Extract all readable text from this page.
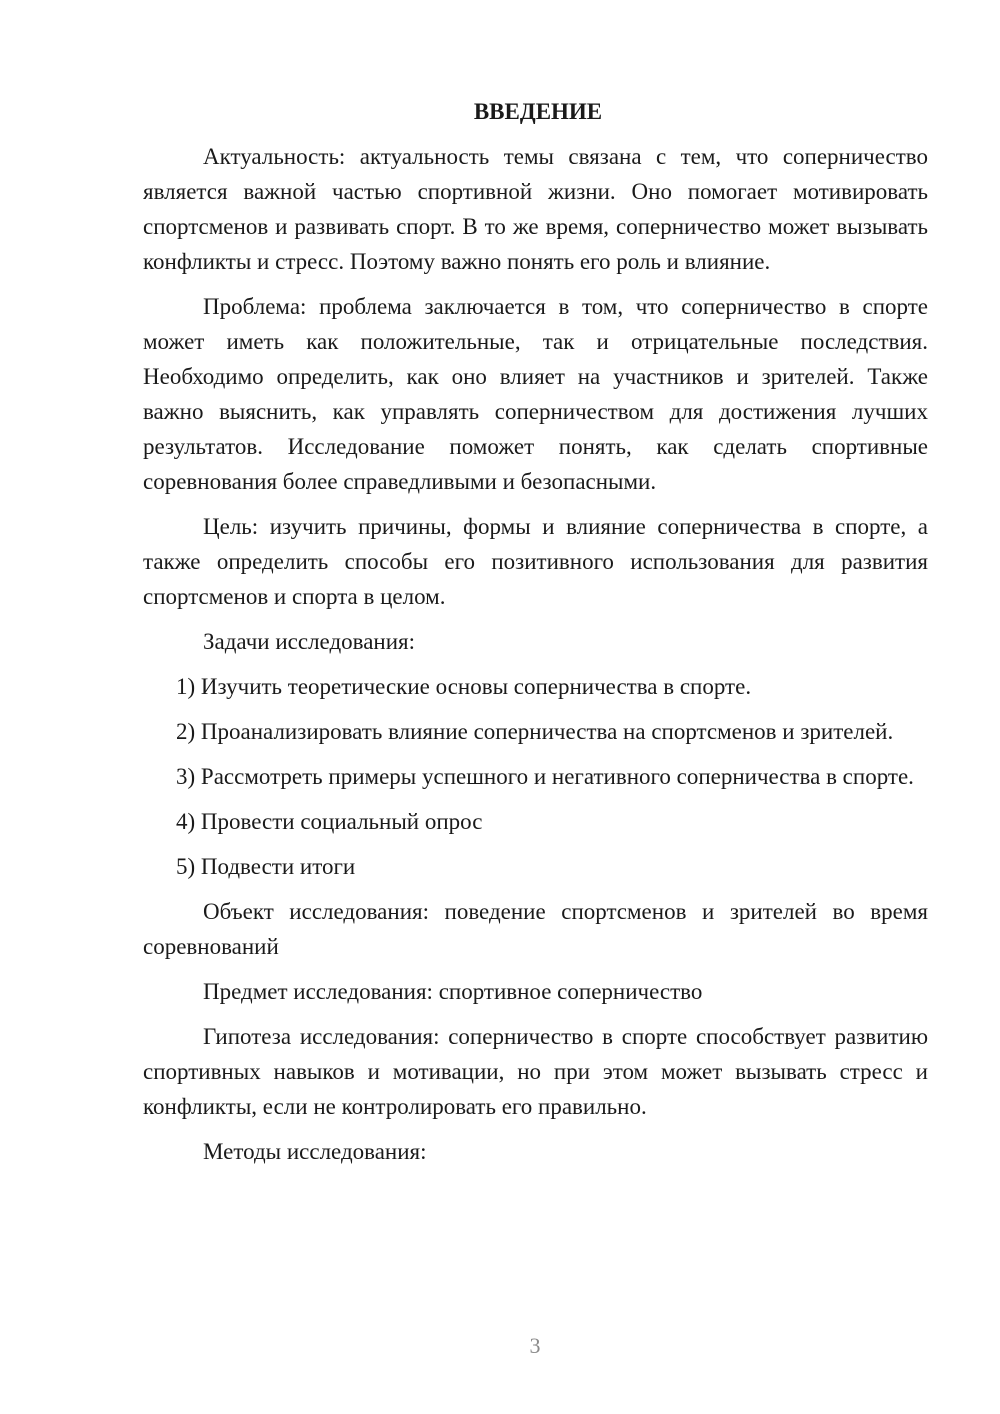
ВВЕДЕНИЕ

Актуальность: актуальность темы связана с тем, что соперничество является важной частью спортивной жизни. Оно помогает мотивировать спортсменов и развивать спорт. В то же время, соперничество может вызывать конфликты и стресс. Поэтому важно понять его роль и влияние.

Проблема: проблема заключается в том, что соперничество в спорте может иметь как положительные, так и отрицательные последствия. Необходимо определить, как оно влияет на участников и зрителей. Также важно выяснить, как управлять соперничеством для достижения лучших результатов. Исследование поможет понять, как сделать спортивные соревнования более справедливыми и безопасными.

Цель: изучить причины, формы и влияние соперничества в спорте, а также определить способы его позитивного использования для развития спортсменов и спорта в целом.

Задачи исследования:

1) Изучить теоретические основы соперничества в спорте.

2) Проанализировать влияние соперничества на спортсменов и зрителей.

3) Рассмотреть примеры успешного и негативного соперничества в спорте.

4) Провести социальный опрос

5) Подвести итоги

Объект исследования: поведение спортсменов и зрителей во время соревнований

Предмет исследования: спортивное соперничество

Гипотеза исследования: соперничество в спорте способствует развитию спортивных навыков и мотивации, но при этом может вызывать стресс и конфликты, если не контролировать его правильно.

Методы исследования:

3
